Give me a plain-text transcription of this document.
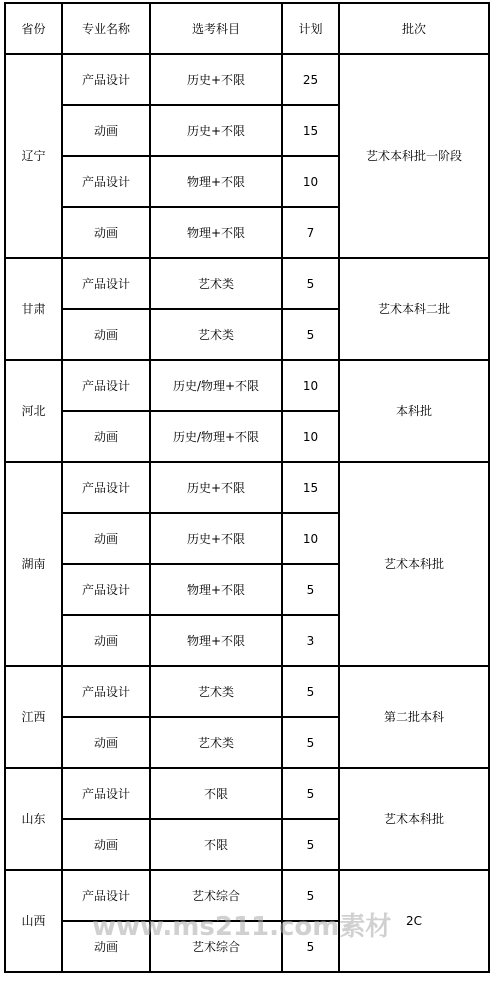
省份	专业名称	选考科目	计划	批次
辽宁	产品设计	历史+不限	25	艺术本科批一阶段
	动画	历史+不限	15	
	产品设计	物理+不限	10	
	动画	物理+不限	7	
甘肃	产品设计	艺术类	5	艺术本科二批
	动画	艺术类	5	
河北	产品设计	历史/物理+不限	10	本科批
	动画	历史/物理+不限	10	
湖南	产品设计	历史+不限	15	艺术本科批
	动画	历史+不限	10	
	产品设计	物理+不限	5	
	动画	物理+不限	3	
江西	产品设计	艺术类	5	第二批本科
	动画	艺术类	5	
山东	产品设计	不限	5	艺术本科批
	动画	不限	5	
山西	产品设计	艺术综合	5	2C
	动画	艺术综合	5	
www.ms211.com素材
